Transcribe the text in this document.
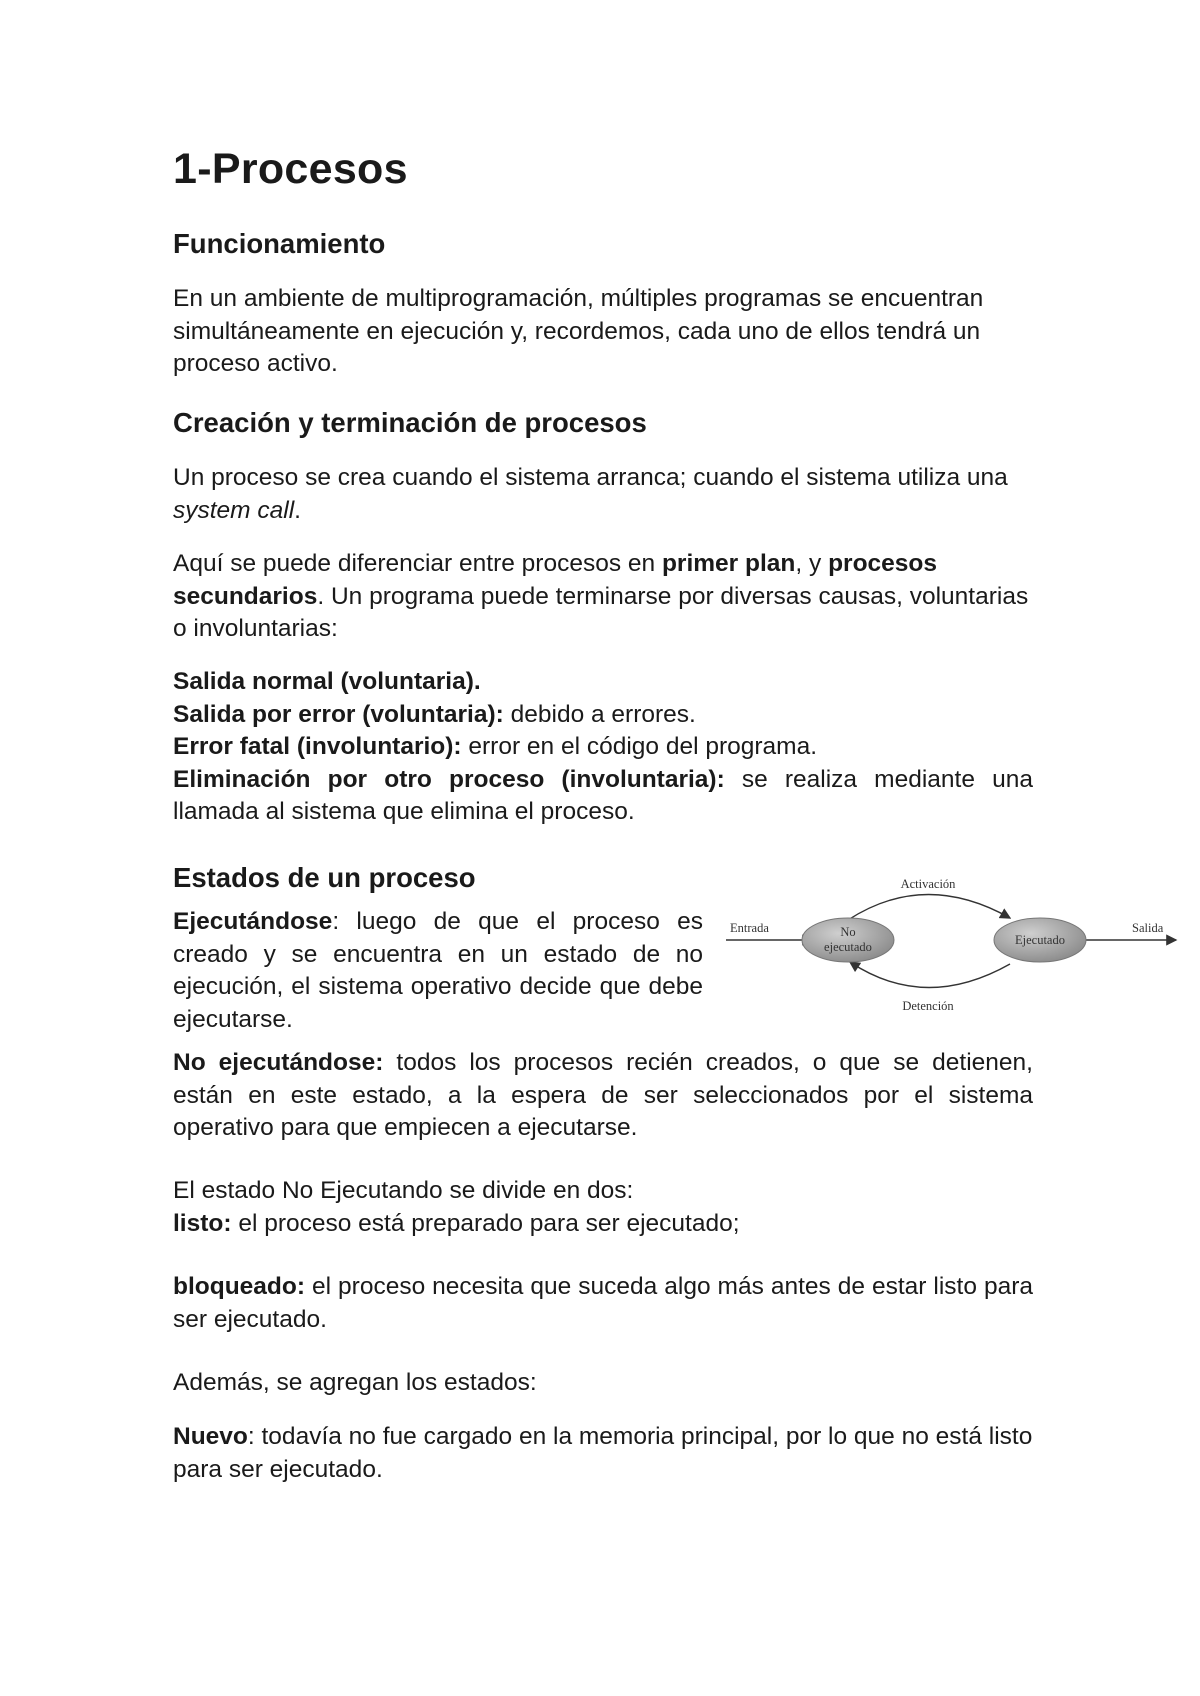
1-Procesos
Funcionamiento

En un ambiente de multiprogramación, múltiples programas se encuentran simultáneamente en ejecución y, recordemos, cada uno de ellos tendrá un proceso activo.

Creación y terminación de procesos

Un proceso se crea cuando el sistema arranca; cuando el sistema utiliza una system call.

Aquí se puede diferenciar entre procesos en primer plan, y procesos secundarios. Un programa puede terminarse por diversas causas, voluntarias o involuntarias:

Salida normal (voluntaria).
Salida por error (voluntaria): debido a errores.
Error fatal (involuntario): error en el código del programa.
Eliminación por otro proceso (involuntaria): se realiza mediante una llamada al sistema que elimina el proceso.
Estados de un proceso

Ejecutándose: luego de que el proceso es creado y se encuentra en un estado de no ejecución, el sistema operativo decide que debe ejecutarse.

Entrada	No
ejecutado	Ejecutado
Salida
Activación
Detención

No ejecutándose: todos los procesos recién creados, o que se detienen, están en este estado, a la espera de ser seleccionados por el sistema operativo para que empiecen a ejecutarse.

El estado No Ejecutando se divide en dos:
listo: el proceso está preparado para ser ejecutado;

bloqueado: el proceso necesita que suceda algo más antes de estar listo para ser ejecutado.

Además, se agregan los estados:

Nuevo: todavía no fue cargado en la memoria principal, por lo que no está listo para ser ejecutado.
